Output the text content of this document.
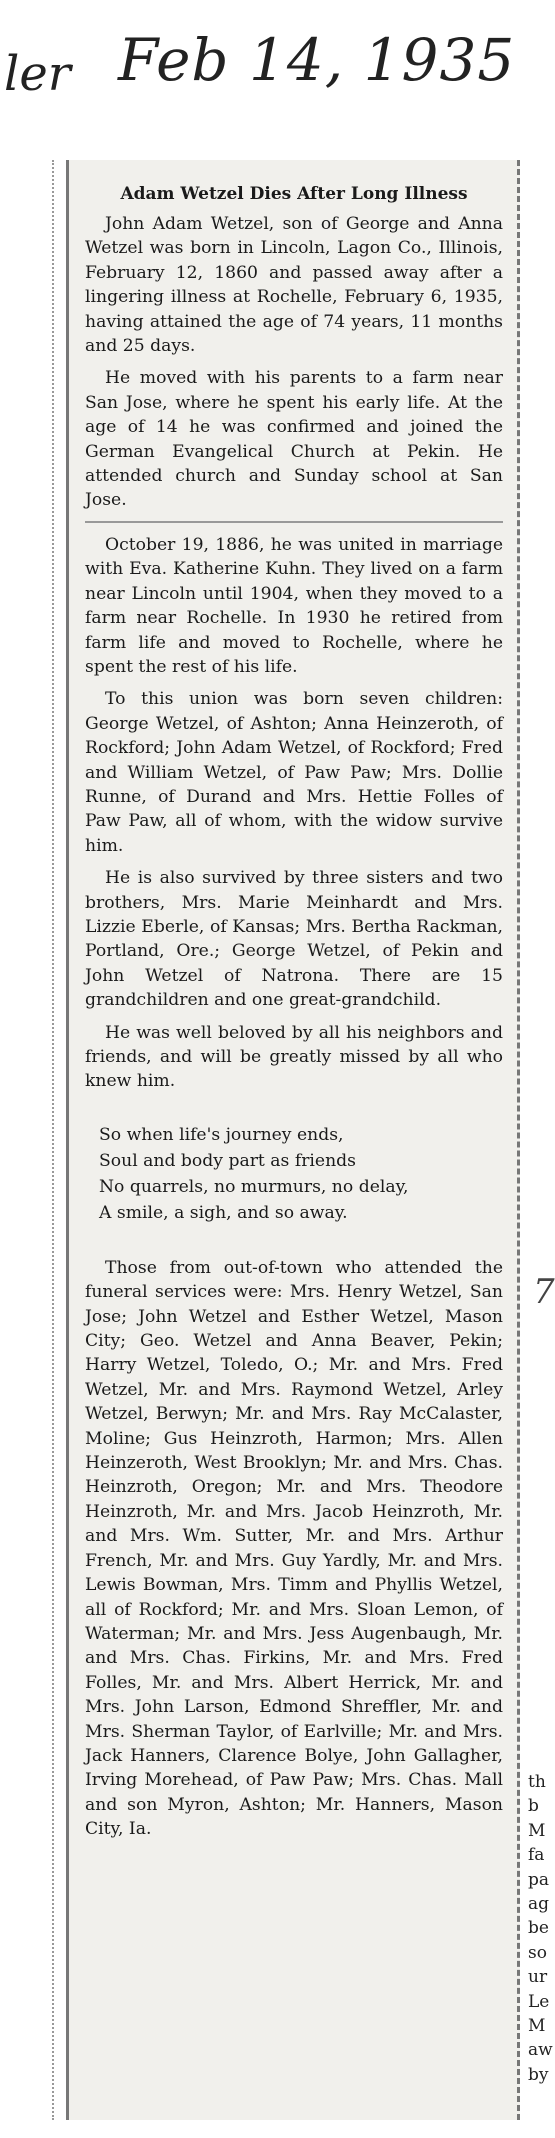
ler Feb 14, 1935
Adam Wetzel Dies After Long Illness

John Adam Wetzel, son of George and Anna Wetzel was born in Lincoln, Lagon Co., Illinois, February 12, 1860 and passed away after a lingering illness at Rochelle, February 6, 1935, having attained the age of 74 years, 11 months and 25 days.

He moved with his parents to a farm near San Jose, where he spent his early life. At the age of 14 he was confirmed and joined the German Evangelical Church at Pekin. He attended church and Sunday school at San Jose.

October 19, 1886, he was united in marriage with Eva. Katherine Kuhn. They lived on a farm near Lincoln until 1904, when they moved to a farm near Rochelle. In 1930 he retired from farm life and moved to Rochelle, where he spent the rest of his life.

To this union was born seven children: George Wetzel, of Ashton; Anna Heinzeroth, of Rockford; John Adam Wetzel, of Rockford; Fred and William Wetzel, of Paw Paw; Mrs. Dollie Runne, of Durand and Mrs. Hettie Folles of Paw Paw, all of whom, with the widow survive him.

He is also survived by three sisters and two brothers, Mrs. Marie Meinhardt and Mrs. Lizzie Eberle, of Kansas; Mrs. Bertha Rackman, Portland, Ore.; George Wetzel, of Pekin and John Wetzel of Natrona. There are 15 grandchildren and one great-grandchild.

He was well beloved by all his neighbors and friends, and will be greatly missed by all who knew him.

So when life's journey ends,
Soul and body part as friends
No quarrels, no murmurs, no delay,
A smile, a sigh, and so away.

Those from out-of-town who attended the funeral services were: Mrs. Henry Wetzel, San Jose; John Wetzel and Esther Wetzel, Mason City; Geo. Wetzel and Anna Beaver, Pekin; Harry Wetzel, Toledo, O.; Mr. and Mrs. Fred Wetzel, Mr. and Mrs. Raymond Wetzel, Arley Wetzel, Berwyn; Mr. and Mrs. Ray McCalaster, Moline; Gus Heinzroth, Harmon; Mrs. Allen Heinzeroth, West Brooklyn; Mr. and Mrs. Chas. Heinzroth, Oregon; Mr. and Mrs. Theodore Heinzroth, Mr. and Mrs. Jacob Heinzroth, Mr. and Mrs. Wm. Sutter, Mr. and Mrs. Arthur French, Mr. and Mrs. Guy Yardly, Mr. and Mrs. Lewis Bowman, Mrs. Timm and Phyllis Wetzel, all of Rockford; Mr. and Mrs. Sloan Lemon, of Waterman; Mr. and Mrs. Jess Augenbaugh, Mr. and Mrs. Chas. Firkins, Mr. and Mrs. Fred Folles, Mr. and Mrs. Albert Herrick, Mr. and Mrs. John Larson, Edmond Shreffler, Mr. and Mrs. Sherman Taylor, of Earlville; Mr. and Mrs. Jack Hanners, Clarence Bolye, John Gallagher, Irving Morehead, of Paw Paw; Mrs. Chas. Mall and son Myron, Ashton; Mr. Hanners, Mason City, Ia.

7
th
b
M
fa
pa
ag
be
so
ur
Le
M
aw
by
